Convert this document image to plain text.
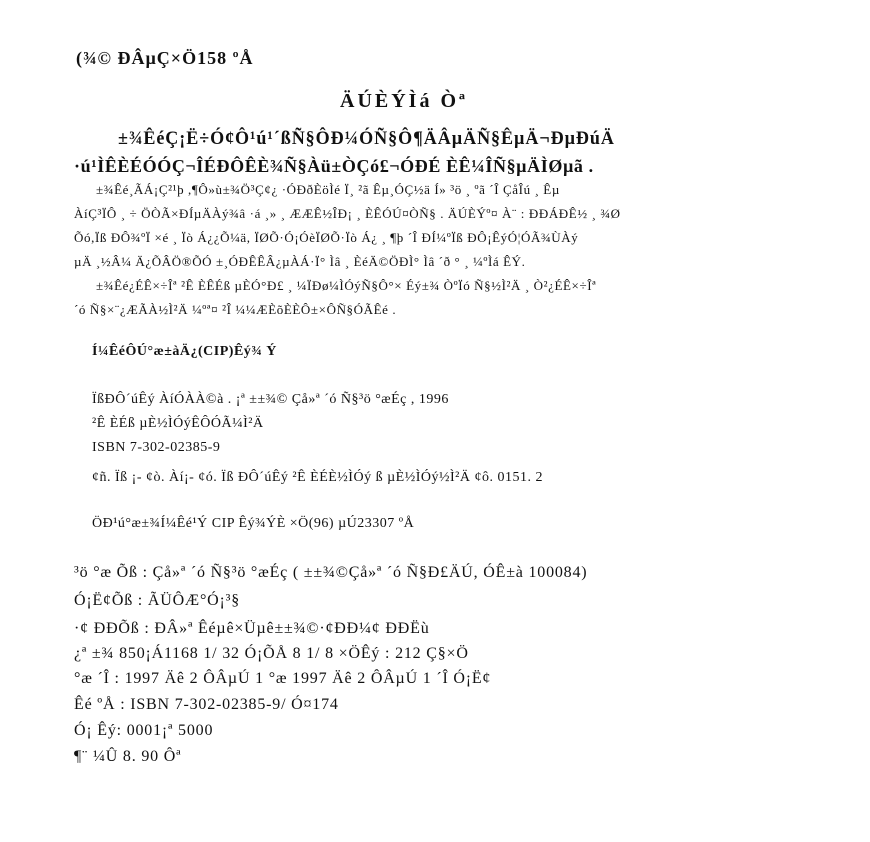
(¾© ÐÂµÇ×Ö158 ºÅ

ÄÚÈÝÌá Òª

±¾ÊéÇ¡Ë÷Ó¢Ô¹ú¹´ßÑ§ÔÐ¼ÓÑ§Ô¶ÄÂµÄÑ§ÊµÄ¬ÐµÐúÄ

·ú¹ÌÊÈÉÓÓÇ¬ÎÉÐÔÊÈ¾Ñ§Àü±ÒÇó£¬ÓÐÉ ÈÊ¼ÎÑ§µÄÌØµã .

±¾Êé¸ÃÁ¡Ç²¹þ ,¶Ô»ù±¾Ö³Ç¢¿ ·ÓÐðÈöÌé Ï¸ ²ã Êµ¸ÓÇ½ä Í» ³ö ¸ ºã ´Î ÇåÎú ¸ Êµ

ÀíÇ³ÏÔ ¸ ÷ ÖÒÃ×ÐÍµÄÀý¾â ·á ¸» ¸ ÆÆÊ½ÎÐ¡ ¸ ÈÊÓÚ¤ÒÑ§ . ÄÚÈÝº¤ À¨ : ÐÐÁÐÊ½ ¸ ¾Ø

Õó,Ïß ÐÔ¾ºÏ ×é ¸ Ïò Á¿¿Õ¼ä, ÏØÕ·Ó¡ÓèÏØÕ·Ïò Á¿ ¸ ¶þ ´Î ÐÍ¼ºÏß ÐÔ¡ÊýÓ¦ÓÃ¾ÙÀý

µÄ ¸½Â¼ Ä¿ÕÂÖ®ÕÓ ±¸ÓÐÊÊÂ¿µÀÁ·Ï° Ìâ ¸ ÈéÄ©ÖÐÌ° Ìâ ´ð ° ¸ ¼ºÌá ÊÝ.

±¾Êé¿ÉÊ×÷Îª ²Ê ÈÊÉß µÈÓ°Ð£ ¸ ¼ÏÐø¼ÌÓýÑ§Ô°× Éý±¾ ÒºÏó Ñ§½Ì²Ä ¸ Ò²¿ÉÊ×÷Îª

´ó Ñ§×¨¿ÆÃÀ½Ì²Ä ¼ºª¤ ²Î ¼¼ÆÈõÈÈÔ±×ÔÑ§ÓÃÊé .

Í¼ÊéÔÚ°æ±àÄ¿(CIP)Êý¾ Ý

ÏßÐÔ´úÊý ÀíÓÀÀ©à . ¡ª ±±¾© Çå»ª ´ó Ñ§³ö °æÉç , 1996

²Ê ÈÉß µÈ½ÌÓýÊÔÓÃ¼Ì²Ä

ISBN 7-302-02385-9

¢ñ. Ïß ¡- ¢ò. Àí¡- ¢ó. Ïß ÐÔ´úÊý ²Ê ÈÉÈ½ÌÓý ß µÈ½ÌÓý½Ì²Ä ¢ô. 0151. 2

ÖÐ¹ú°æ±¾Í¼Êé¹Ý CIP Êý¾ÝÈ ×Ö(96) µÚ23307 ºÅ

³ö °æ Õß : Çå»ª ´ó Ñ§³ö °æÉç ( ±±¾©Çå»ª ´ó Ñ§Ð£ÄÚ, ÓÊ±à 100084)

Ó¡Ë¢Õß : ÃÜÔÆ°Ó¡³§

·¢ ÐÐÕß : ÐÂ»ª Êéµê×Üµê±±¾©·¢ÐÐ¼¢ ÐÐËù

¿ª ±¾ 850¡Á1168 1/ 32 Ó¡ÕÅ 8 1/ 8 ×ÖÊý : 212 Ç§×Ö

°æ ´Î : 1997 Äê 2 ÔÂµÚ 1 °æ 1997 Äê 2 ÔÂµÚ 1 ´Î Ó¡Ë¢

Êé ºÅ : ISBN 7-302-02385-9/ Ó¤174

Ó¡ Êý: 0001¡ª 5000

¶¨ ¼Û 8. 90 Ôª
